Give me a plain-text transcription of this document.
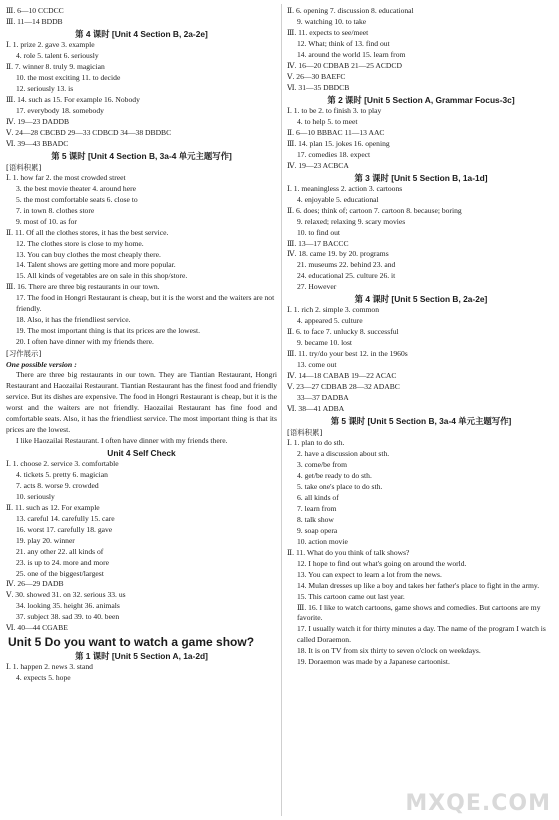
Ⅲ. 6—10 CCDCC
Ⅲ. 11—14 BDDB
第 4 课时 [Unit 4 Section B, 2a-2e]
Ⅰ. 1. prize 2. gave 3. example
4. role 5. talent 6. seriously
Ⅱ. 7. winner 8. truly 9. magician
10. the most exciting 11. to decide
12. seriously 13. is
Ⅲ. 14. such as 15. For example 16. Nobody
17. everybody 18. somebody
Ⅳ. 19—23 DADDB
Ⅴ. 24—28 CBCBD 29—33 CDBCD 34—38 DBDBC
Ⅵ. 39—43 BBADC
第 5 课时 [Unit 4 Section B, 3a-4 单元主题写作]
[语料积累]
Ⅰ. 1. how far 2. the most crowded street
3. the best movie theater 4. around here
5. the most comfortable seats 6. close to
7. in town 8. clothes store
9. most of 10. as for
Ⅱ. 11. Of all the clothes stores, it has the best service.
12. The clothes store is close to my home.
13. You can buy clothes the most cheaply there.
14. Talent shows are getting more and more popular.
15. All kinds of vegetables are on sale in this shop/store.
Ⅲ. 16. There are three big restaurants in our town.
17. The food in Hongri Restaurant is cheap, but it is the worst and the waiters are not friendly.
18. Also, it has the friendliest service.
19. The most important thing is that its prices are the lowest.
20. I often have dinner with my friends there.
[习作展示]
One possible version :
There are three big restaurants in our town. They are Tiantian Restaurant, Hongri Restaurant and Haozailai Restaurant. Tiantian Restaurant has the finest food and friendly service. But its dishes are expensive. The food in Hongri Restaurant is cheap, but it is the worst and the waiters are not friendly. Haozailai Restaurant has fine food and comfortable seats. Also, it has the friendliest service. The most important thing is that its prices are the lowest.
I like Haozailai Restaurant. I often have dinner with my friends there.
Unit 4 Self Check
Ⅰ. 1. choose 2. service 3. comfortable
4. tickets 5. pretty 6. magician
7. acts 8. worse 9. crowded
10. seriously
Ⅱ. 11. such as 12. For example
13. careful 14. carefully 15. care
16. worst 17. carefully 18. gave
19. play 20. winner
21. any other 22. all kinds of
23. is up to 24. more and more
25. one of the biggest/largest
Ⅳ. 26—29 DADB
Ⅴ. 30. showed 31. on 32. serious 33. us
34. looking 35. height 36. animals
37. subject 38. sad 39. to 40. been
Ⅵ. 40—44 CGABE
Unit 5 Do you want to watch a game show?
第 1 课时 [Unit 5 Section A, 1a-2d]
Ⅰ. 1. happen 2. news 3. stand
4. expects 5. hope
Ⅱ. 6. opening 7. discussion 8. educational
9. watching 10. to take
Ⅲ. 11. expects to see/meet
12. What; think of 13. find out
14. around the world 15. learn from
Ⅳ. 16—20 CDBAB 21—25 ACDCD
Ⅴ. 26—30 BAEFC
Ⅵ. 31—35 DBDCB
第 2 课时 [Unit 5 Section A, Grammar Focus-3c]
Ⅰ. 1. to be 2. to finish 3. to play
4. to help 5. to meet
Ⅱ. 6—10 BBBAC 11—13 AAC
Ⅲ. 14. plan 15. jokes 16. opening
17. comedies 18. expect
Ⅳ. 19—23 ACBCA
第 3 课时 [Unit 5 Section B, 1a-1d]
Ⅰ. 1. meaningless 2. action 3. cartoons
4. enjoyable 5. educational
Ⅱ. 6. does; think of; cartoon 7. cartoon 8. because; boring
9. relaxed; relaxing 9. scary movies
10. to find out
Ⅲ. 13—17 BACCC
Ⅳ. 18. came 19. by 20. programs
21. museums 22. behind 23. and
24. educational 25. culture 26. it
27. However
第 4 课时 [Unit 5 Section B, 2a-2e]
Ⅰ. 1. rich 2. simple 3. common
4. appeared 5. culture
Ⅱ. 6. to face 7. unlucky 8. successful
9. became 10. lost
Ⅲ. 11. try/do your best 12. in the 1960s
13. come out
Ⅳ. 14—18 CABAB 19—22 ACAC
Ⅴ. 23—27 CDBAB 28—32 ADABC
33—37 DADBA
Ⅵ. 38—41 ADBA
第 5 课时 [Unit 5 Section B, 3a-4 单元主题写作]
[语料积累]
Ⅰ. 1. plan to do sth.
2. have a discussion about sth.
3. come/be from
4. get/be ready to do sth.
5. take one's place to do sth.
6. all kinds of
7. learn from
8. talk show
9. soap opera
10. action movie
Ⅱ. 11. What do you think of talk shows?
12. I hope to find out what's going on around the world.
13. You can expect to learn a lot from the news.
14. Mulan dresses up like a boy and takes her father's place to fight in the army.
15. This cartoon came out last year.
Ⅲ. 16. I like to watch cartoons, game shows and comedies. But cartoons are my favorite.
17. I usually watch it for thirty minutes a day. The name of the program I watch is called Doraemon.
18. It is on TV from six thirty to seven o'clock on weekdays.
19. Doraemon was made by a Japanese cartoonist.
MXQE.COM
